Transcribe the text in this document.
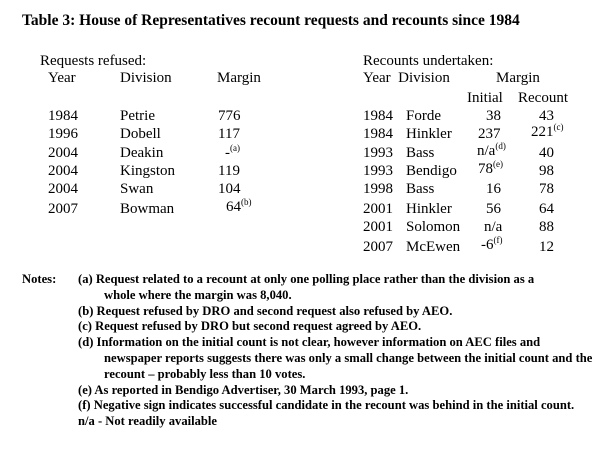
Table 3: House of Representatives recount requests and recounts since 1984
Requests refused:
Year	Division	Margin
1984	Petrie	776
1996	Dobell	117
2004	Deakin	-$^{(a)}$
2004	Kingston	119
2004	Swan	104
2007	Bowman	64$^{(b)}$
Recounts undertaken:
Year  Division	Margin
Initial Recount
1984 Forde	38	43
1984 Hinkler 237 221$^{(c)}$
1993 Bass	$n/a^{(d)}$ 40
1993 Bendigo 78$^{(e)}$ 98
1998 Bass	16	78
2001 Hinkler 56	64
2001 Solomon n/a 88
2007 McEwen -6$^{(f)}$ 12
Notes:	(a) Request related to a recount at only one polling place rather than the division as a
whole where the margin was 8,040.
(b) Request refused by DRO and second request also refused by AEO.
(c) Request refused by DRO but second request agreed by AEO.
(d) Information on the initial count is not clear, however information on AEC files and newspaper reports suggests there was only a small change between the initial count and the recount – probably less than 10 votes.
(e) As reported in Bendigo Advertiser, 30 March 1993, page 1.
(f) Negative sign indicates successful candidate in the recount was behind in the initial count.
n/a - Not readily available
